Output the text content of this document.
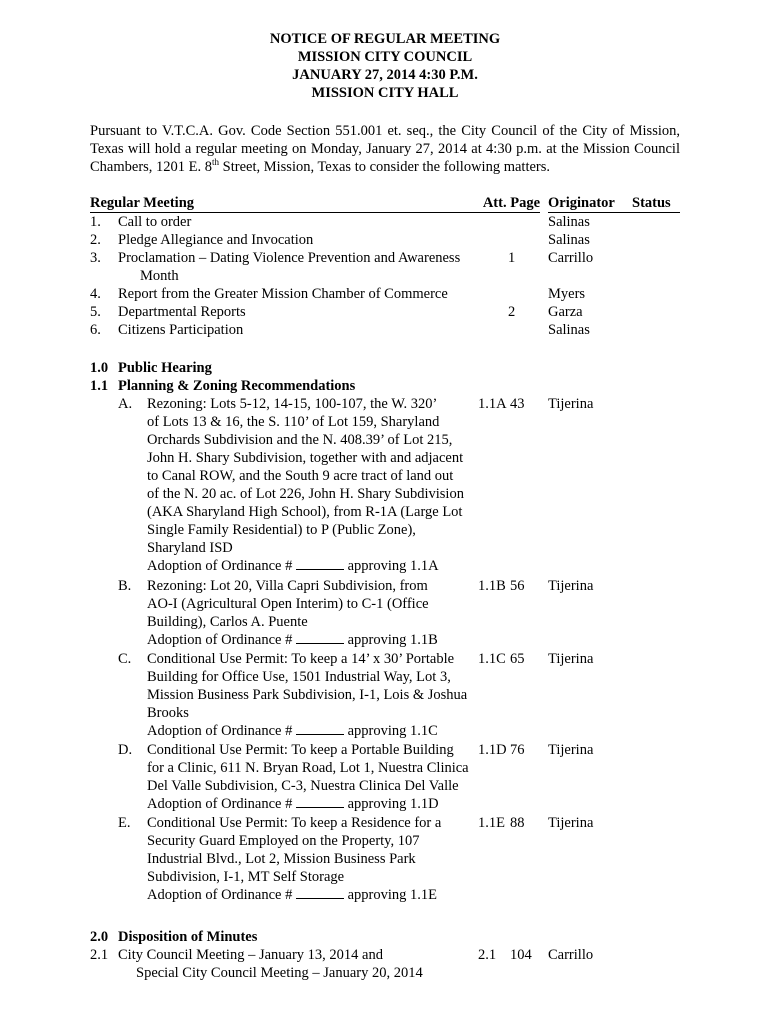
NOTICE OF REGULAR MEETING
MISSION CITY COUNCIL
JANUARY 27, 2014 4:30 P.M.
MISSION CITY HALL
Pursuant to V.T.C.A. Gov. Code Section 551.001 et. seq., the City Council of the City of Mission, Texas will hold a regular meeting on Monday, January 27, 2014 at 4:30 p.m. at the Mission Council Chambers, 1201 E. 8th Street, Mission, Texas to consider the following matters.
Regular Meeting	Att. Page Originator	Status
1. Call to order	Salinas
2. Pledge Allegiance and Invocation	Salinas
3. Proclamation – Dating Violence Prevention and Awareness	1 Carrillo
Month
4. Report from the Greater Mission Chamber of Commerce	Myers
5. Departmental Reports	2 Garza
6. Citizens Participation	Salinas
1.0 Public Hearing
1.1 Planning & Zoning Recommendations
A. Rezoning: Lots 5-12, 14-15, 100-107, the W. 320’	1.1A 43 Tijerina
of Lots 13 & 16, the S. 110’ of Lot 159, Sharyland
Orchards Subdivision and the N. 408.39’ of Lot 215,
John H. Shary Subdivision, together with and adjacent
to Canal ROW, and the South 9 acre tract of land out
of the N. 20 ac. of Lot 226, John H. Shary Subdivision
(AKA Sharyland High School), from R-1A (Large Lot
Single Family Residential) to P (Public Zone),
Sharyland ISD
Adoption of Ordinance #	approving 1.1A
B. Rezoning: Lot 20, Villa Capri Subdivision, from	1.1B 56 Tijerina
AO-I (Agricultural Open Interim) to C-1 (Office
Building), Carlos A. Puente
Adoption of Ordinance #	approving 1.1B
C. Conditional Use Permit: To keep a 14’ x 30’ Portable 1.1C 65 Tijerina
Building for Office Use, 1501 Industrial Way, Lot 3,
Mission Business Park Subdivision, I-1, Lois & Joshua
Brooks
Adoption of Ordinance #	approving 1.1C
D. Conditional Use Permit: To keep a Portable Building 1.1D 76 Tijerina
for a Clinic, 611 N. Bryan Road, Lot 1, Nuestra Clinica
Del Valle Subdivision, C-3, Nuestra Clinica Del Valle
Adoption of Ordinance #	approving 1.1D
E. Conditional Use Permit: To keep a Residence for a	1.1E 88 Tijerina
Security Guard Employed on the Property, 107
Industrial Blvd., Lot 2, Mission Business Park
Subdivision, I-1, MT Self Storage
Adoption of Ordinance #	approving 1.1E
2.0 Disposition of Minutes
2.1 City Council Meeting – January 13, 2014 and	2.1 104 Carrillo
Special City Council Meeting – January 20, 2014
